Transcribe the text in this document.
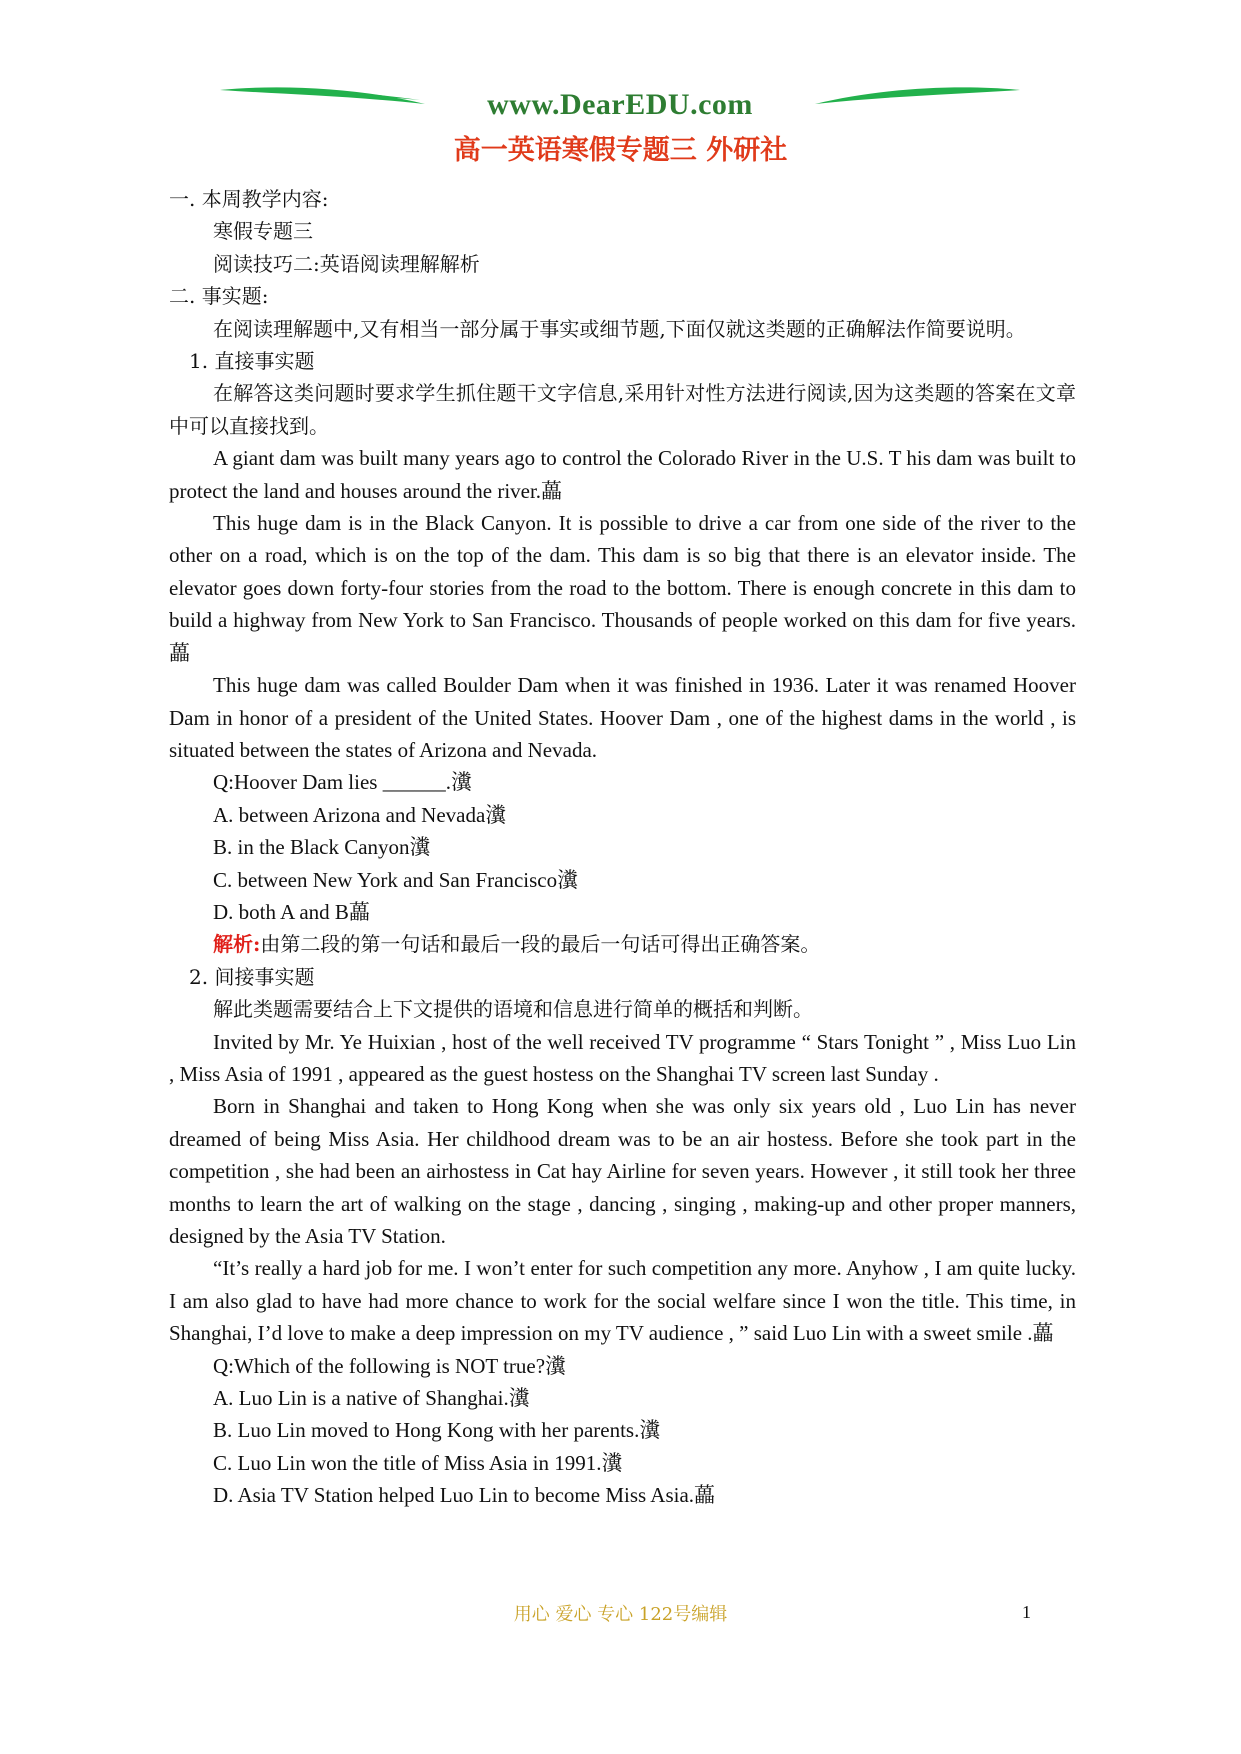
www.DearEDU.com
高一英语寒假专题三 外研社

一. 本周教学内容:

寒假专题三

阅读技巧二:英语阅读理解解析

二. 事实题:

在阅读理解题中,又有相当一部分属于事实或细节题,下面仅就这类题的正确解法作简要说明。

1. 直接事实题

在解答这类问题时要求学生抓住题干文字信息,采用针对性方法进行阅读,因为这类题的答案在文章中可以直接找到。

A giant dam was built many years ago to control the Colorado River in the U.S. T his dam was built to protect the land and houses around the river.藟

This huge dam is in the Black Canyon. It is possible to drive a car from one side of the river to the other on a road, which is on the top of the dam. This dam is so big that there is an elevator inside. The elevator goes down forty-four stories from the road to the bottom. There is enough concrete in this dam to build a highway from New York to San Francisco. Thousands of people worked on this dam for five years.藟

This huge dam was called Boulder Dam when it was finished in 1936. Later it was renamed Hoover Dam in honor of a president of the United States. Hoover Dam , one of the highest dams in the world , is situated between the states of Arizona and Nevada.

Q:Hoover Dam lies ______.瀵

A. between Arizona and Nevada瀵

B. in the Black Canyon瀵

C. between New York and San Francisco瀵

D. both A and B藟

解析:由第二段的第一句话和最后一段的最后一句话可得出正确答案。

2. 间接事实题

解此类题需要结合上下文提供的语境和信息进行简单的概括和判断。

Invited by Mr. Ye Huixian , host of the well received TV programme “ Stars Tonight ” , Miss Luo Lin , Miss Asia of 1991 , appeared as the guest hostess on the Shanghai TV screen last Sunday .

Born in Shanghai and taken to Hong Kong when she was only six years old , Luo Lin has never dreamed of being Miss Asia. Her childhood dream was to be an air hostess. Before she took part in the competition , she had been an airhostess in Cat hay Airline for seven years. However , it still took her three months to learn the art of walking on the stage , dancing , singing , making-up and other proper manners, designed by the Asia TV Station.

“It’s really a hard job for me. I won’t enter for such competition any more. Anyhow , I am quite lucky. I am also glad to have had more chance to work for the social welfare since I won the title. This time, in Shanghai, I’d love to make a deep impression on my TV audience , ” said Luo Lin with a sweet smile .藟

Q:Which of the following is NOT true?瀵

A. Luo Lin is a native of Shanghai.瀵

B. Luo Lin moved to Hong Kong with her parents.瀵

C. Luo Lin won the title of Miss Asia in 1991.瀵

D. Asia TV Station helped Luo Lin to become Miss Asia.藟

用心 爱心 专心 122号编辑	1
